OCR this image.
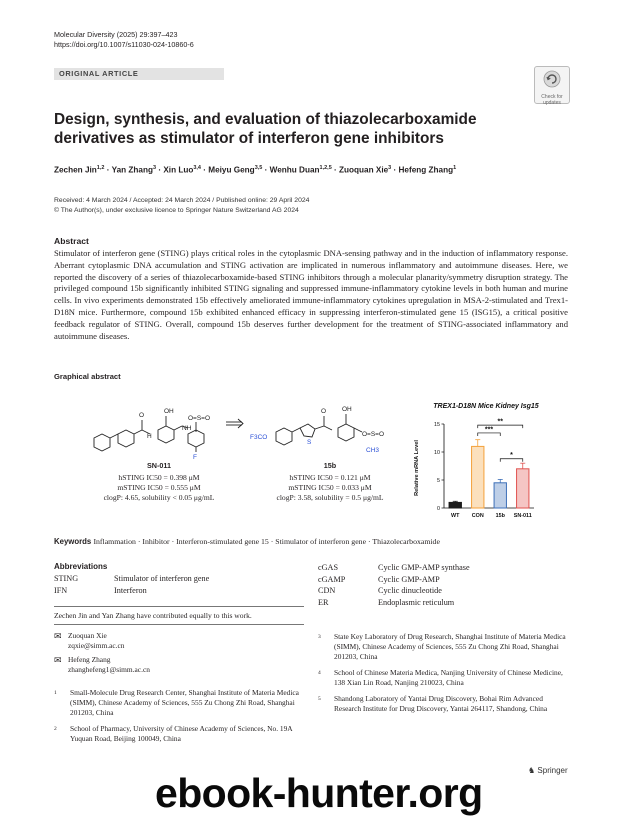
Molecular Diversity (2025) 29:397–423
https://doi.org/10.1007/s11030-024-10860-6
ORIGINAL ARTICLE
Check for updates
Design, synthesis, and evaluation of thiazolecarboxamide derivatives as stimulator of interferon gene inhibitors
Zechen Jin$^{1,2}$ · Yan Zhang$^3$ · Xin Luo$^{3,4}$ · Meiyu Geng$^{3,5}$ · Wenhu Duan$^{1,2,5}$ · Zuoquan Xie$^3$ · Hefeng Zhang$^1$
Received: 4 March 2024 / Accepted: 24 March 2024 / Published online: 29 April 2024
© The Author(s), under exclusive licence to Springer Nature Switzerland AG 2024
Abstract
Stimulator of interferon gene (STING) plays critical roles in the cytoplasmic DNA-sensing pathway and in the induction of inflammatory response. Aberrant cytoplasmic DNA accumulation and STING activation are implicated in numerous inflammatory and autoimmune diseases. Here, we reported the discovery of a series of thiazolecarboxamide-based STING inhibitors through a molecular planarity/symmetry disruption strategy. The privileged compound 15b significantly inhibited STING signaling and suppressed immune-inflammatory cytokine levels in both human and murine cells. In vivo experiments demonstrated 15b effectively ameliorated immune-inflammatory cytokines upregulation in MSA-2-stimulated and Trex1-D18N mice. Furthermore, compound 15b exhibited enhanced efficacy in suppressing interferon-stimulated gene 15 (ISG15), a critical positive feedback regulator of STING. Overall, compound 15b deserves further development for the treatment of STING-associated inflammatory and autoimmune diseases.
Graphical abstract
O
H
OH
NH
O=S=O
F
F3CO
S
O OH
O=S=O
CH3
SN-011
hSTING IC50 = 0.398 μM
mSTING IC50 = 0.555 μM
clogP: 4.65, solubility < 0.05 μg/mL
15b
hSTING IC50 = 0.121 μM
mSTING IC50 = 0.033 μM
clogP: 3.58, solubility = 0.5 μg/mL
TREX1-D18N Mice Kidney Isg15
Relative mRNA Level
0
5
10
15
WT CON 15b SN-011
***
**
*
Keywords Inflammation · Inhibitor · Interferon-stimulated gene 15 · Stimulator of interferon gene · Thiazolecarboxamide
Abbreviations
STING	Stimulator of interferon gene
IFN	Interferon
cGAS	Cyclic GMP-AMP synthase
cGAMP	Cyclic GMP-AMP
CDN	Cyclic dinucleotide
ER	Endoplasmic reticulum
Zechen Jin and Yan Zhang have contributed equally to this work.
✉ Zuoquan Xie
zqxie@simm.ac.cn
✉ Hefeng Zhang
zhanghefeng1@simm.ac.cn
1	Small-Molecule Drug Research Center, Shanghai Institute of Materia Medica (SIMM), Chinese Academy of Sciences, 555 Zu Chong Zhi Road, Shanghai 201203, China
2	School of Pharmacy, University of Chinese Academy of Sciences, No. 19A Yuquan Road, Beijing 100049, China
3	State Key Laboratory of Drug Research, Shanghai Institute of Materia Medica (SIMM), Chinese Academy of Sciences, 555 Zu Chong Zhi Road, Shanghai 201203, China
4	School of Chinese Materia Medica, Nanjing University of Chinese Medicine, 138 Xian Lin Road, Nanjing 210023, China
5	Shandong Laboratory of Yantai Drug Discovery, Bohai Rim Advanced Research Institute for Drug Discovery, Yantai 264117, Shandong, China
♞ Springer
ebook-hunter.org
